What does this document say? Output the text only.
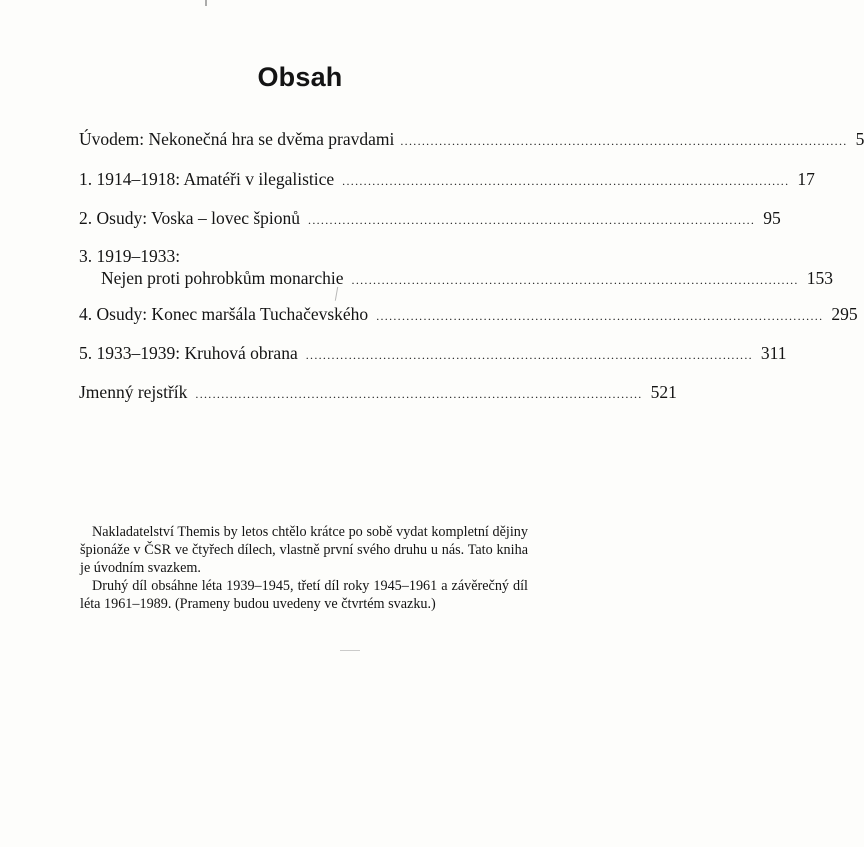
Obsah
Úvodem: Nekonečná hra se dvěma pravdami ........................................................................................................ 5
1. 1914–1918: Amatéři v ilegalistice ........................................................................................................ 17
2. Osudy: Voska – lovec špionů ........................................................................................................ 95
3. 1919–1933:
Nejen proti pohrobkům monarchie ........................................................................................................ 153
4. Osudy: Konec maršála Tuchačevského ........................................................................................................ 295
5. 1933–1939: Kruhová obrana ........................................................................................................ 311
Jmenný rejstřík ........................................................................................................ 521

Nakladatelství Themis by letos chtělo krátce po sobě vydat kompletní dějiny špionáže v ČSR ve čtyřech dílech, vlastně první svého druhu u nás. Tato kniha je úvodním svazkem.

Druhý díl obsáhne léta 1939–1945, třetí díl roky 1945–1961 a závěrečný díl léta 1961–1989. (Prameny budou uvedeny ve čtvrtém svazku.)
